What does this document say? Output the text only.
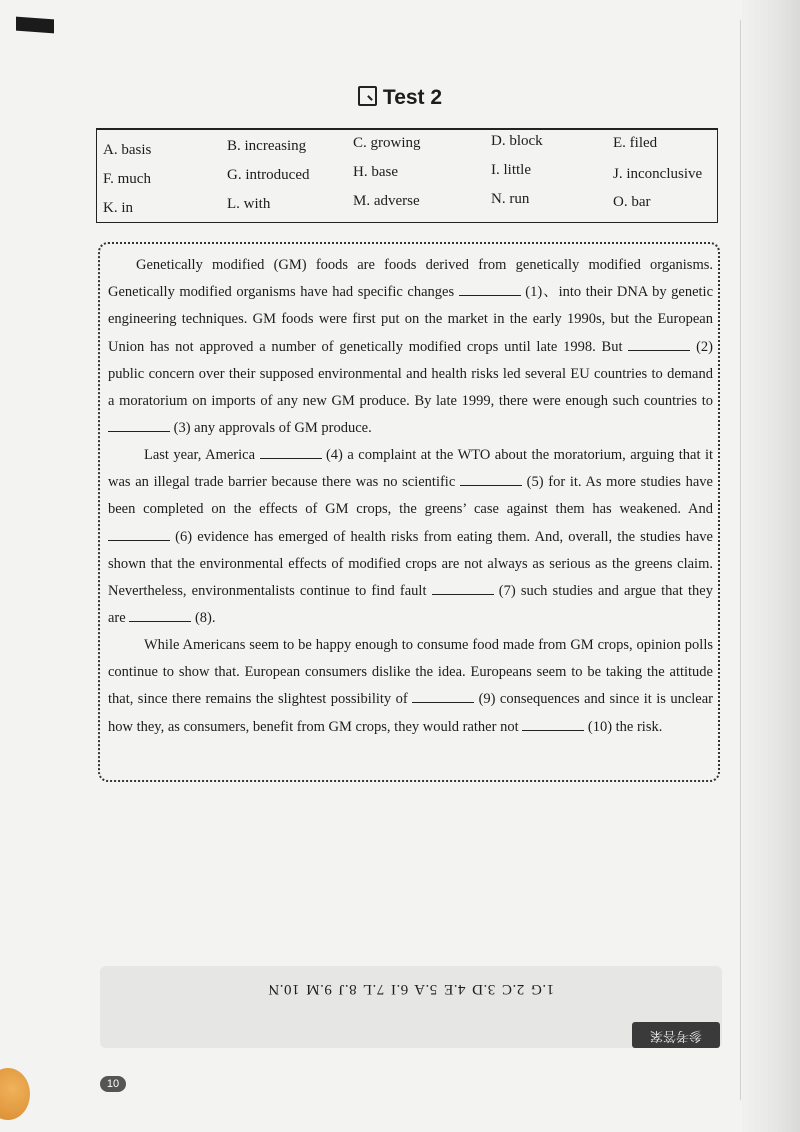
Test 2
A. basis	B. increasing	C. growing	D. block	E. filed
F. much	G. introduced	H. base	I. little	J. inconclusive
K. in	L. with	M. adverse	N. run	O. bar
Genetically modified (GM) foods are foods derived from genetically modified organisms. Genetically modified organisms have had specific changes	(1)、into their DNA by genetic engineering techniques. GM foods were first put on the market in the early 1990s, but the European Union has not approved a number of genetically modified crops until late 1998. But	(2) public concern over their supposed environmental and health risks led several EU countries to demand a moratorium on imports of any new GM produce. By late 1999, there were enough such countries to  (3) any approvals of GM produce.
Last year, America	(4) a complaint at the WTO about the moratorium, arguing that it was an illegal trade barrier because there was no scientific	(5) for it. As more studies have been completed on the effects of GM crops, the greens’ case against them has weakened. And  (6) evidence has emerged of health risks from eating them. And, overall, the studies have shown that the environmental effects of modified crops are not always as serious as the greens claim. Nevertheless, environmentalists continue to find fault	(7) such studies and argue that they are	(8).
While Americans seem to be happy enough to consume food made from GM crops, opinion polls continue to show that. European consumers dislike the idea. Europeans seem to be taking the attitude that, since there remains the slightest possibility of	(9) consequences and since it is unclear how they, as consumers, benefit from GM crops, they would rather not	(10) the risk.
1.G 2.C 3.D 4.E 5.A 6.I 7.L 8.J 9.M 10.N
参考答案
10
